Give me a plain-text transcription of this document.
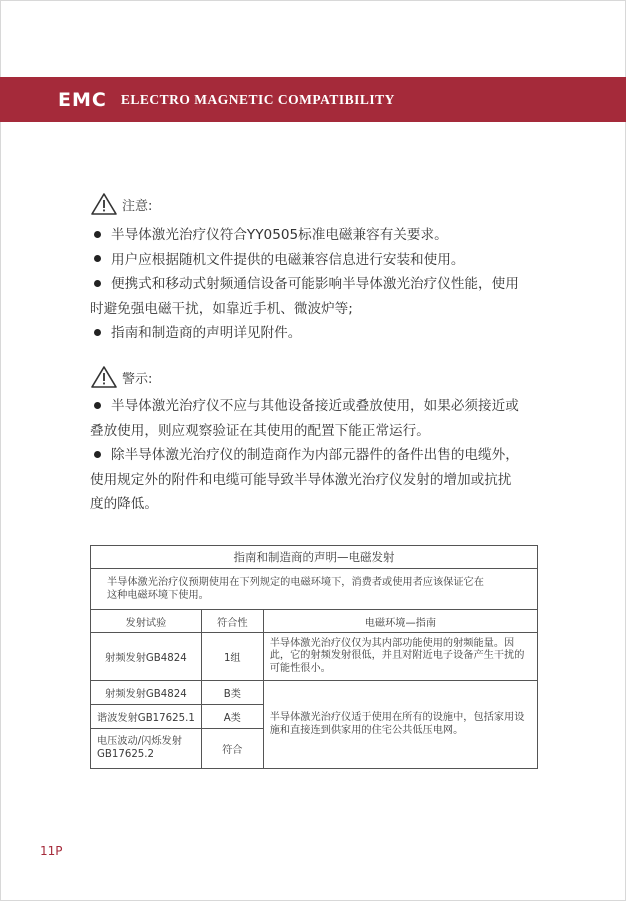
EMC ELECTRO MAGNETIC COMPATIBILITY
注意:

半导体激光治疗仪符合YY0505标准电磁兼容有关要求。

用户应根据随机文件提供的电磁兼容信息进行安装和使用。

便携式和移动式射频通信设备可能影响半导体激光治疗仪性能，使用

时避免强电磁干扰，如靠近手机、微波炉等;

指南和制造商的声明详见附件。

警示:

半导体激光治疗仪不应与其他设备接近或叠放使用，如果必须接近或

叠放使用，则应观察验证在其使用的配置下能正常运行。

除半导体激光治疗仪的制造商作为内部元器件的备件出售的电缆外，

使用规定外的附件和电缆可能导致半导体激光治疗仪发射的增加或抗扰

度的降低。

指南和制造商的声明—电磁发射		

半导体激光治疗仪预期使用在下列规定的电磁环境下，消费者或使用者应该保证它在
这种电磁环境下使用。		

发射试验	符合性	电磁环境—指南
射频发射GB4824	1组	半导体激光治疗仪仅为其内部功能使用的射频能量。因此，它的射频发射很低，并且对附近电子设备产生干扰的可能性很小。
射频发射GB4824	B类	半导体激光治疗仪适于使用在所有的设施中，包括家用设施和直接连到供家用的住宅公共低压电网。
谐波发射GB17625.1	A类	
电压波动/闪烁发射GB17625.2	符合	
11P
